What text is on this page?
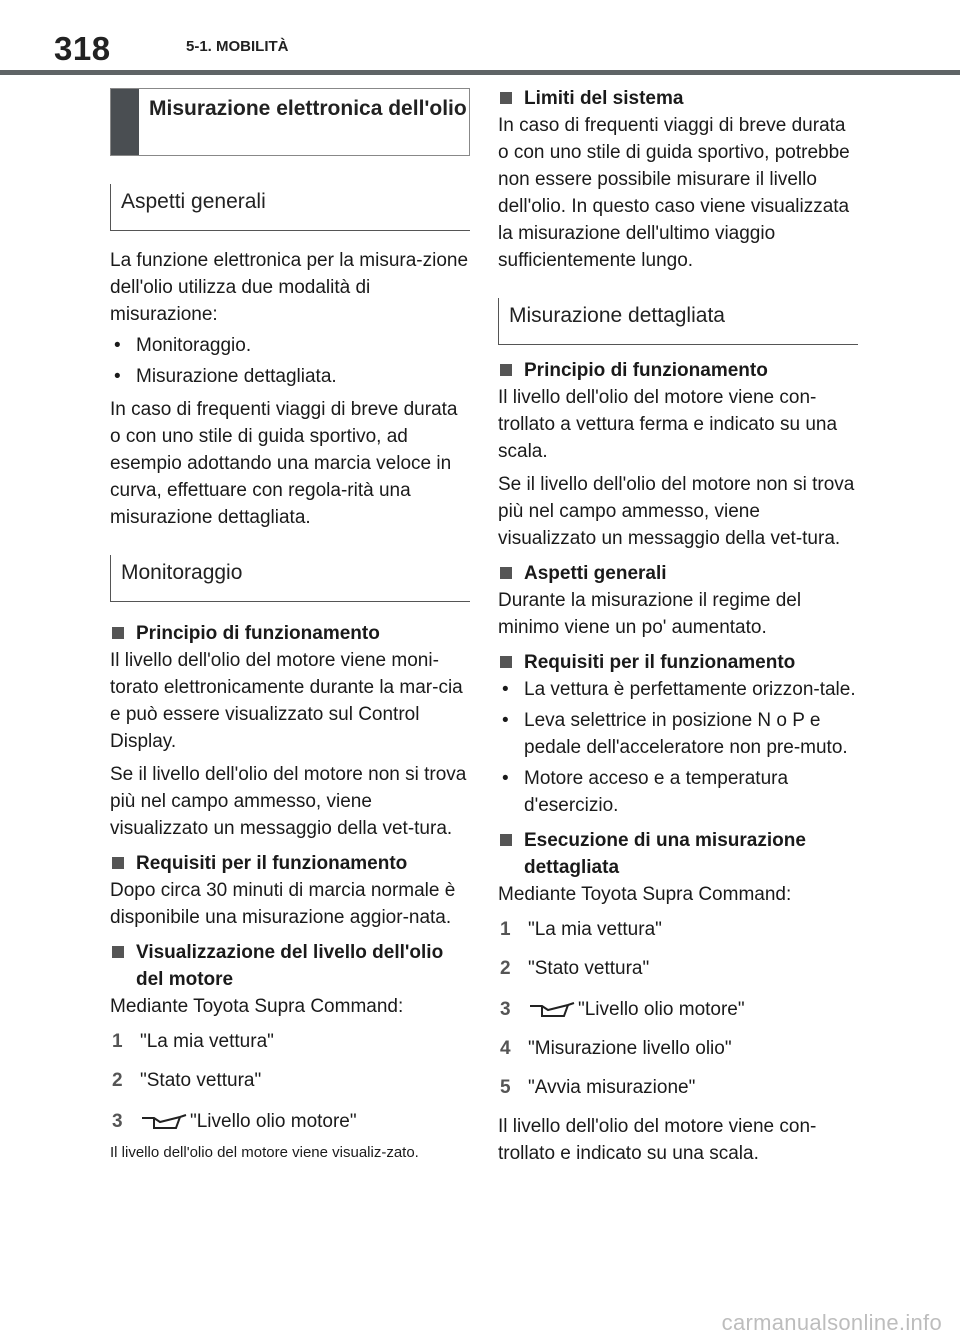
318	5-1. MOBILITÀ
Misurazione elettronica dell'olio
Aspetti generali

La funzione elettronica per la misura-zione dell'olio utilizza due modalità di misurazione:

• Monitoraggio.

• Misurazione dettagliata.

In caso di frequenti viaggi di breve durata o con uno stile di guida sportivo, ad esempio adottando una marcia veloce in curva, effettuare con regola-rità una misurazione dettagliata.

Monitoraggio
Principio di funzionamento

Il livello dell'olio del motore viene moni-torato elettronicamente durante la mar-cia e può essere visualizzato sul Control Display.

Se il livello dell'olio del motore non si trova più nel campo ammesso, viene visualizzato un messaggio della vet-tura.

Requisiti per il funzionamento

Dopo circa 30 minuti di marcia normale è disponibile una misurazione aggior-nata.

Visualizzazione del livello dell'olio del motore

Mediante Toyota Supra Command:

1 "La mia vettura"
2 "Stato vettura"
3	"Livello olio motore"

Il livello dell'olio del motore viene visualiz-zato.

Limiti del sistema

In caso di frequenti viaggi di breve durata o con uno stile di guida sportivo, potrebbe non essere possibile misurare il livello dell'olio. In questo caso viene visualizzata la misurazione dell'ultimo viaggio sufficientemente lungo.

Misurazione dettagliata
Principio di funzionamento

Il livello dell'olio del motore viene con-trollato a vettura ferma e indicato su una scala.

Se il livello dell'olio del motore non si trova più nel campo ammesso, viene visualizzato un messaggio della vet-tura.

Aspetti generali

Durante la misurazione il regime del minimo viene un po' aumentato.

Requisiti per il funzionamento

• La vettura è perfettamente orizzon-tale.

• Leva selettrice in posizione N o P e pedale dell'acceleratore non pre-muto.

• Motore acceso e a temperatura d'esercizio.

Esecuzione di una misurazione dettagliata

Mediante Toyota Supra Command:

1 "La mia vettura"
2 "Stato vettura"
3	"Livello olio motore"
4 "Misurazione livello olio"
5 "Avvia misurazione"

Il livello dell'olio del motore viene con-trollato e indicato su una scala.

carmanualsonline.info
